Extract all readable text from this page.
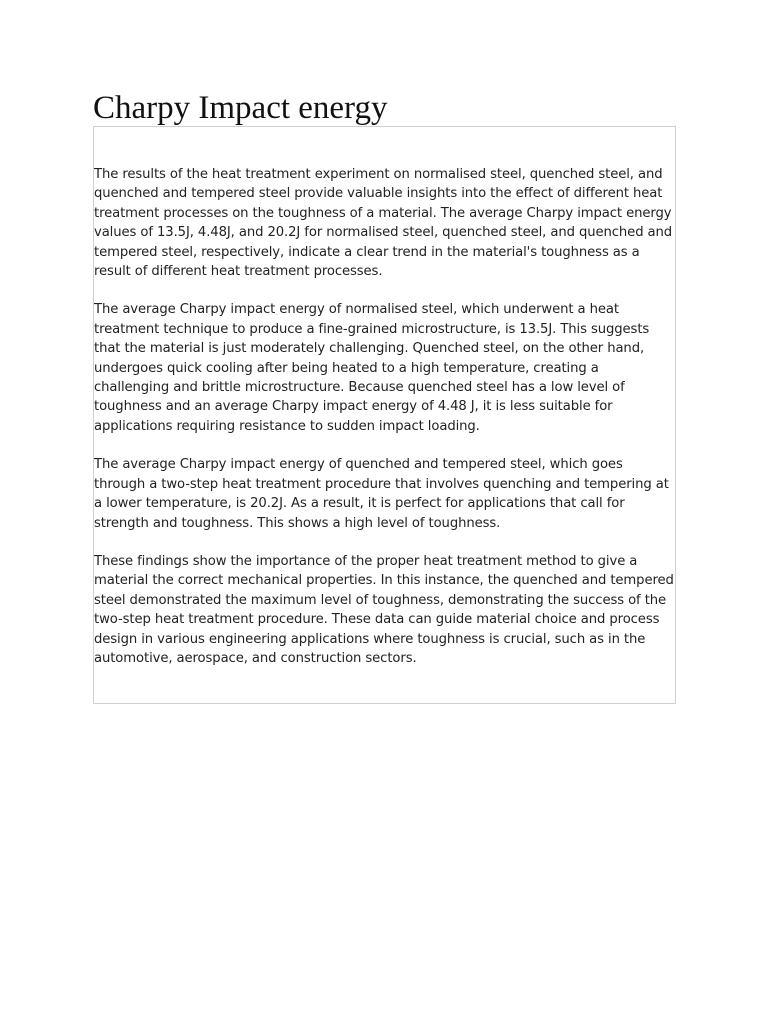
Charpy Impact energy

The results of the heat treatment experiment on normalised steel, quenched steel, and quenched and tempered steel provide valuable insights into the effect of different heat treatment processes on the toughness of a material. The average Charpy impact energy values of 13.5J, 4.48J, and 20.2J for normalised steel, quenched steel, and quenched and tempered steel, respectively, indicate a clear trend in the material's toughness as a result of different heat treatment processes.

The average Charpy impact energy of normalised steel, which underwent a heat treatment technique to produce a fine-grained microstructure, is 13.5J. This suggests that the material is just moderately challenging. Quenched steel, on the other hand, undergoes quick cooling after being heated to a high temperature, creating a challenging and brittle microstructure. Because quenched steel has a low level of toughness and an average Charpy impact energy of 4.48 J, it is less suitable for applications requiring resistance to sudden impact loading.

The average Charpy impact energy of quenched and tempered steel, which goes through a two-step heat treatment procedure that involves quenching and tempering at a lower temperature, is 20.2J. As a result, it is perfect for applications that call for strength and toughness. This shows a high level of toughness.

These findings show the importance of the proper heat treatment method to give a material the correct mechanical properties. In this instance, the quenched and tempered steel demonstrated the maximum level of toughness, demonstrating the success of the two-step heat treatment procedure. These data can guide material choice and process design in various engineering applications where toughness is crucial, such as in the automotive, aerospace, and construction sectors.
